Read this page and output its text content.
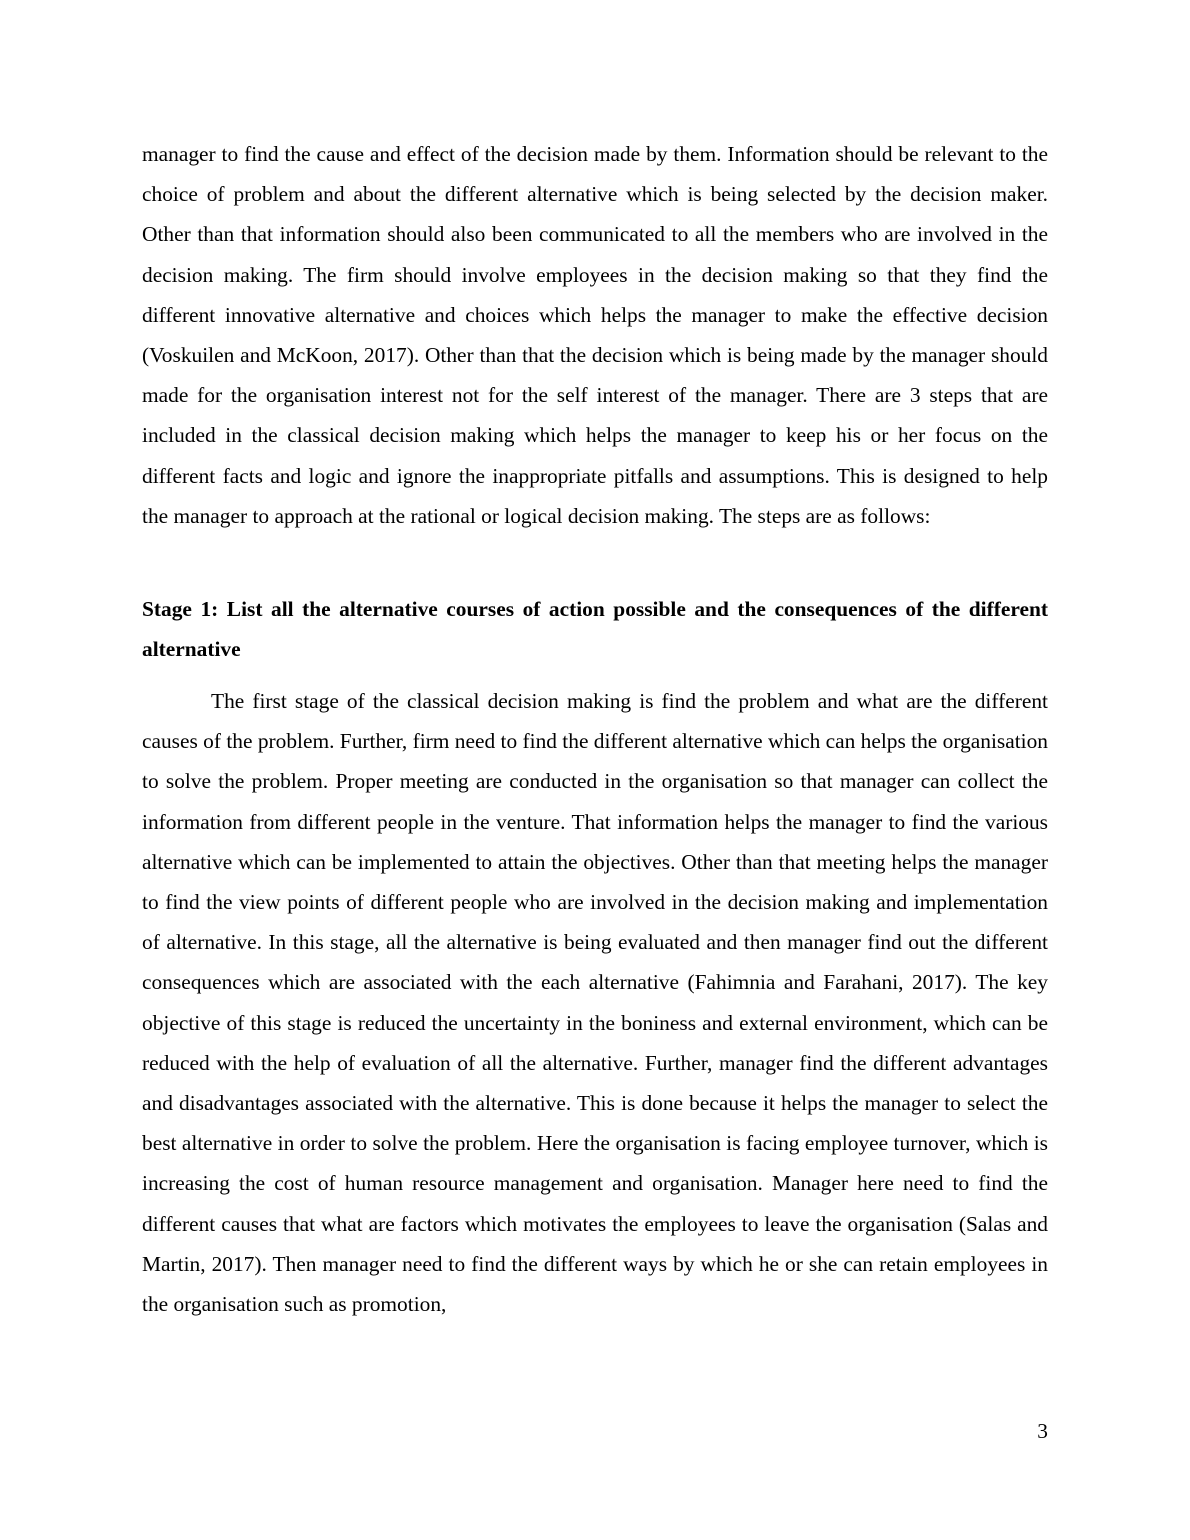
manager to find the cause and effect of the decision made by them. Information should be relevant to the choice of problem and about the different alternative which is being selected by the decision maker. Other than that information should also been communicated to all the members who are involved in the decision making. The firm should involve employees in the decision making so that they find the different innovative alternative and choices which helps the manager to make the effective decision (Voskuilen and McKoon, 2017). Other than that the decision which is being made by the manager should made for the organisation interest not for the self interest of the manager. There are 3 steps that are included in the classical decision making which helps the manager to keep his or her focus on the different facts and logic and ignore the inappropriate pitfalls and assumptions. This is designed to help the manager to approach at the rational or logical decision making. The steps are as follows:

Stage 1: List all the alternative courses of action possible and the consequences of the different alternative

The first stage of the classical decision making is find the problem and what are the different causes of the problem. Further, firm need to find the different alternative which can helps the organisation to solve the problem. Proper meeting are conducted in the organisation so that manager can collect the information from different people in the venture. That information helps the manager to find the various alternative which can be implemented to attain the objectives. Other than that meeting helps the manager to find the view points of different people who are involved in the decision making and implementation of alternative. In this stage, all the alternative is being evaluated and then manager find out the different consequences which are associated with the each alternative (Fahimnia and Farahani, 2017). The key objective of this stage is reduced the uncertainty in the boniness and external environment, which can be reduced with the help of evaluation of all the alternative. Further, manager find the different advantages and disadvantages associated with the alternative. This is done because it helps the manager to select the best alternative in order to solve the problem. Here the organisation is facing employee turnover, which is increasing the cost of human resource management and organisation. Manager here need to find the different causes that what are factors which motivates the employees to leave the organisation (Salas and Martin, 2017). Then manager need to find the different ways by which he or she can retain employees in the organisation such as promotion,

3
